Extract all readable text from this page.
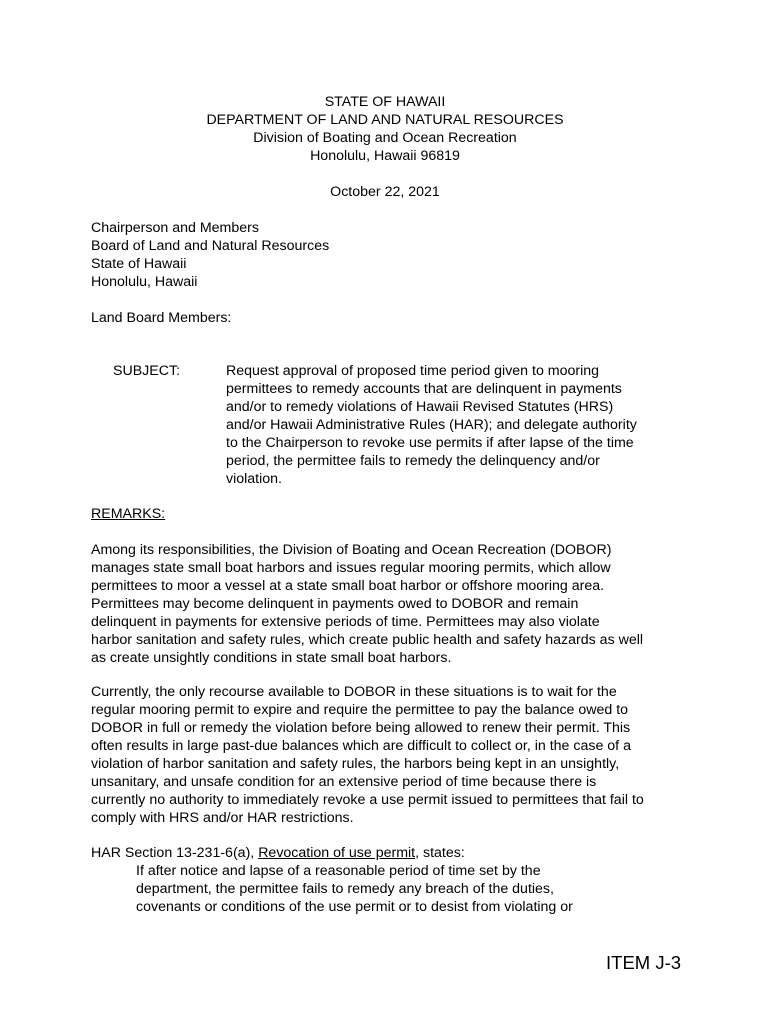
STATE OF HAWAII
DEPARTMENT OF LAND AND NATURAL RESOURCES
Division of Boating and Ocean Recreation
Honolulu, Hawaii 96819
October 22, 2021
Chairperson and Members
Board of Land and Natural Resources
State of Hawaii
Honolulu, Hawaii
Land Board Members:
SUBJECT:	Request approval of proposed time period given to mooring
permittees to remedy accounts that are delinquent in payments
and/or to remedy violations of Hawaii Revised Statutes (HRS)
and/or Hawaii Administrative Rules (HAR); and delegate authority
to the Chairperson to revoke use permits if after lapse of the time
period, the permittee fails to remedy the delinquency and/or
violation.
REMARKS:
Among its responsibilities, the Division of Boating and Ocean Recreation (DOBOR)
manages state small boat harbors and issues regular mooring permits, which allow
permittees to moor a vessel at a state small boat harbor or offshore mooring area.
Permittees may become delinquent in payments owed to DOBOR and remain
delinquent in payments for extensive periods of time. Permittees may also violate
harbor sanitation and safety rules, which create public health and safety hazards as well
as create unsightly conditions in state small boat harbors.
Currently, the only recourse available to DOBOR in these situations is to wait for the
regular mooring permit to expire and require the permittee to pay the balance owed to
DOBOR in full or remedy the violation before being allowed to renew their permit. This
often results in large past-due balances which are difficult to collect or, in the case of a
violation of harbor sanitation and safety rules, the harbors being kept in an unsightly,
unsanitary, and unsafe condition for an extensive period of time because there is
currently no authority to immediately revoke a use permit issued to permittees that fail to
comply with HRS and/or HAR restrictions.
HAR Section 13-231-6(a), Revocation of use permit, states:
If after notice and lapse of a reasonable period of time set by the
department, the permittee fails to remedy any breach of the duties,
covenants or conditions of the use permit or to desist from violating or
ITEM J-3
